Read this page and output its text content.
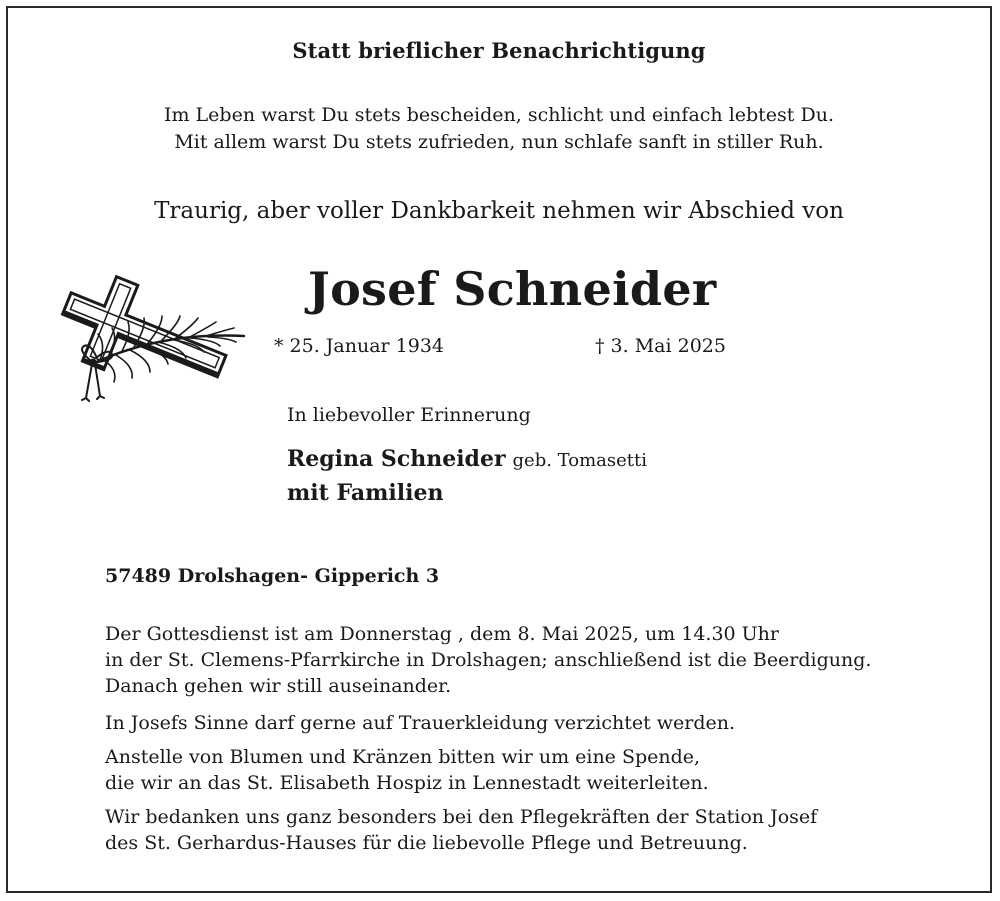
Statt brieflicher Benachrichtigung
Im Leben warst Du stets bescheiden, schlicht und einfach lebtest Du.
Mit allem warst Du stets zufrieden, nun schlafe sanft in stiller Ruh.
Traurig, aber voller Dankbarkeit nehmen wir Abschied von
Josef Schneider
* 25. Januar 1934	† 3. Mai 2025
In liebevoller Erinnerung
Regina Schneider geb. Tomasetti
mit Familien
57489 Drolshagen- Gipperich 3
Der Gottesdienst ist am Donnerstag , dem 8. Mai 2025, um 14.30 Uhr
in der St. Clemens-Pfarrkirche in Drolshagen; anschließend ist die Beerdigung.
Danach gehen wir still auseinander.
In Josefs Sinne darf gerne auf Trauerkleidung verzichtet werden.
Anstelle von Blumen und Kränzen bitten wir um eine Spende,
die wir an das St. Elisabeth Hospiz in Lennestadt weiterleiten.
Wir bedanken uns ganz besonders bei den Pflegekräften der Station Josef
des St. Gerhardus-Hauses für die liebevolle Pflege und Betreuung.
